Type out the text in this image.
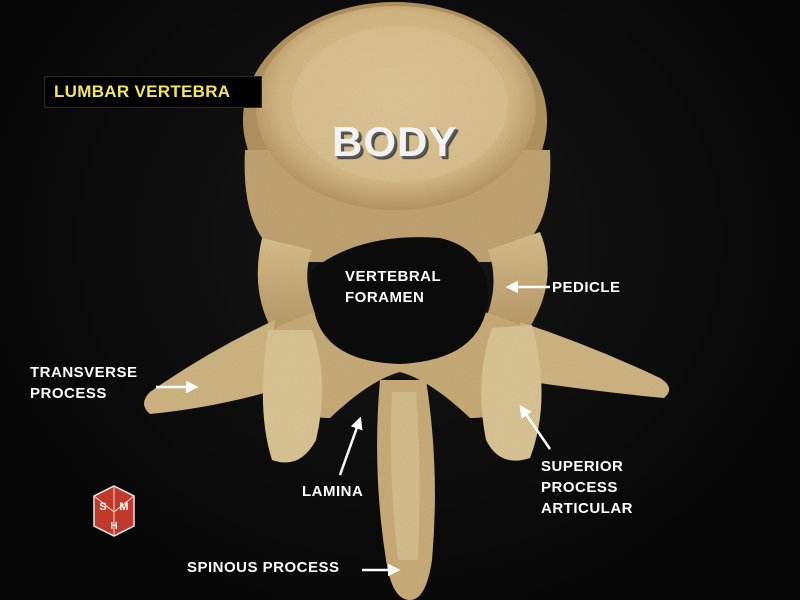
LUMBAR VERTEBRA
BODY
VERTEBRAL
FORAMEN
PEDICLE
TRANSVERSE
PROCESS
LAMINA
SUPERIOR
PROCESS
ARTICULAR
SPINOUS PROCESS
S M
H
